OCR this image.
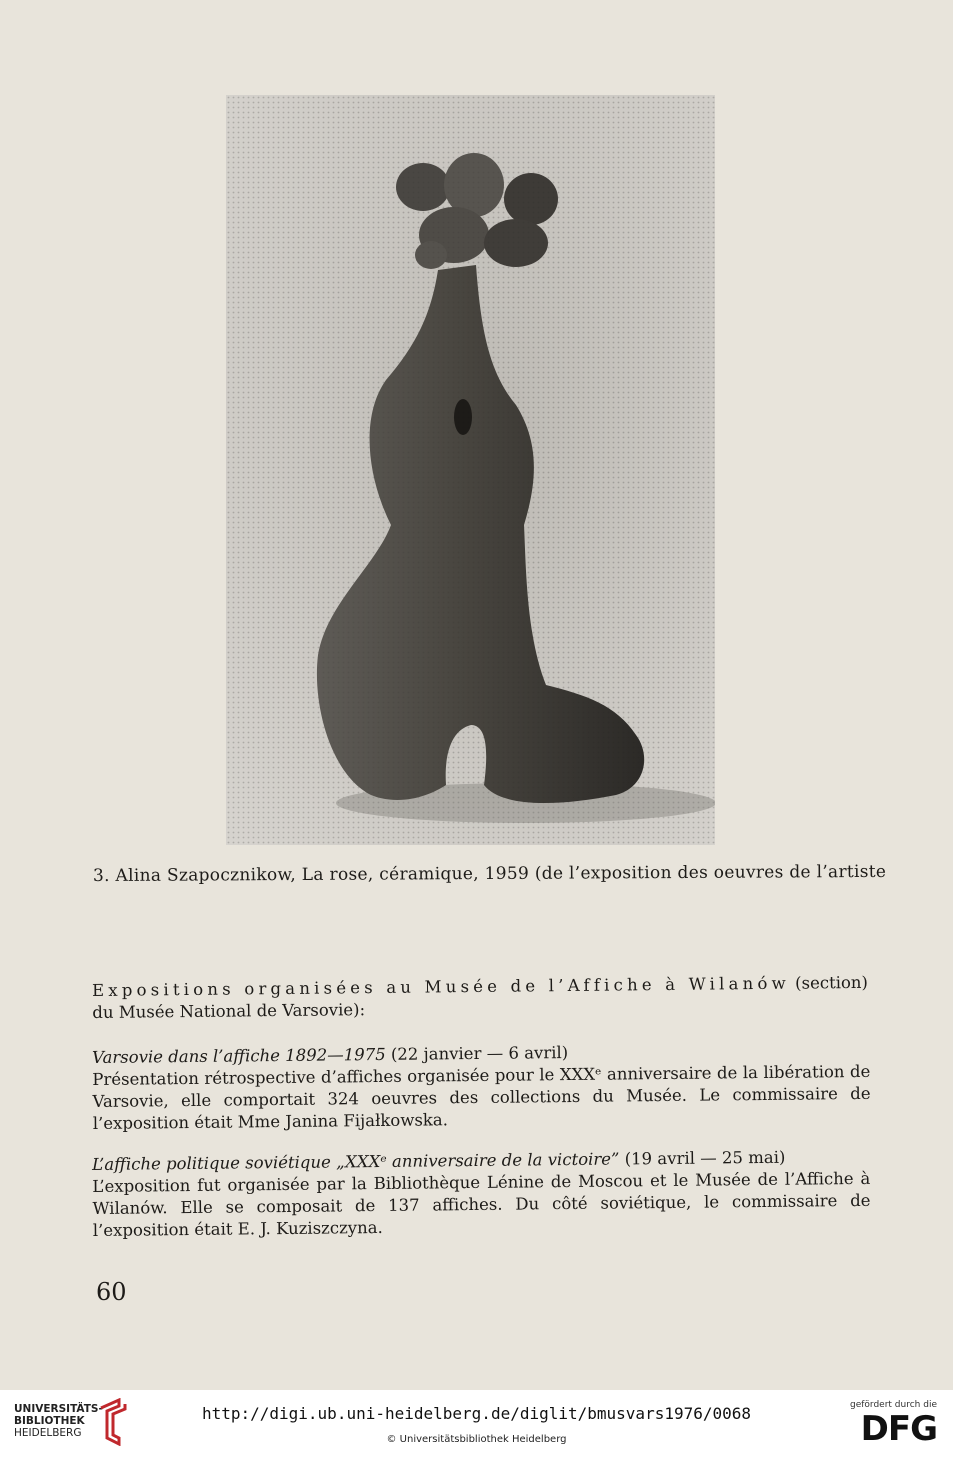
3. Alina Szapocznikow, La rose, céramique, 1959 (de l’exposition des oeuvres de l’artiste
Expositions organisées au Musée de l’Affiche à Wilanów (section)
du Musée National de Varsovie):
Varsovie dans l’affiche 1892—1975 (22 janvier — 6 avril)
Présentation rétrospective d’affiches organisée pour le XXXᵉ anniversaire de la libération de Varsovie, elle comportait 324 oeuvres des collections du Musée. Le commissaire de l’exposition était Mme Janina Fijałkowska.
L’affiche politique soviétique „XXXᵉ anniversaire de la victoire” (19 avril — 25 mai)
L’exposition fut organisée par la Bibliothèque Lénine de Moscou et le Musée de l’Affiche à Wilanów. Elle se composait de 137 affiches. Du côté soviétique, le commissaire de l’exposition était E. J. Kuziszczyna.
60
UNIVERSITÄTS-
BIBLIOTHEK
HEIDELBERG
http://digi.ub.uni-heidelberg.de/diglit/bmusvars1976/0068
© Universitätsbibliothek Heidelberg
gefördert durch die
DFG
